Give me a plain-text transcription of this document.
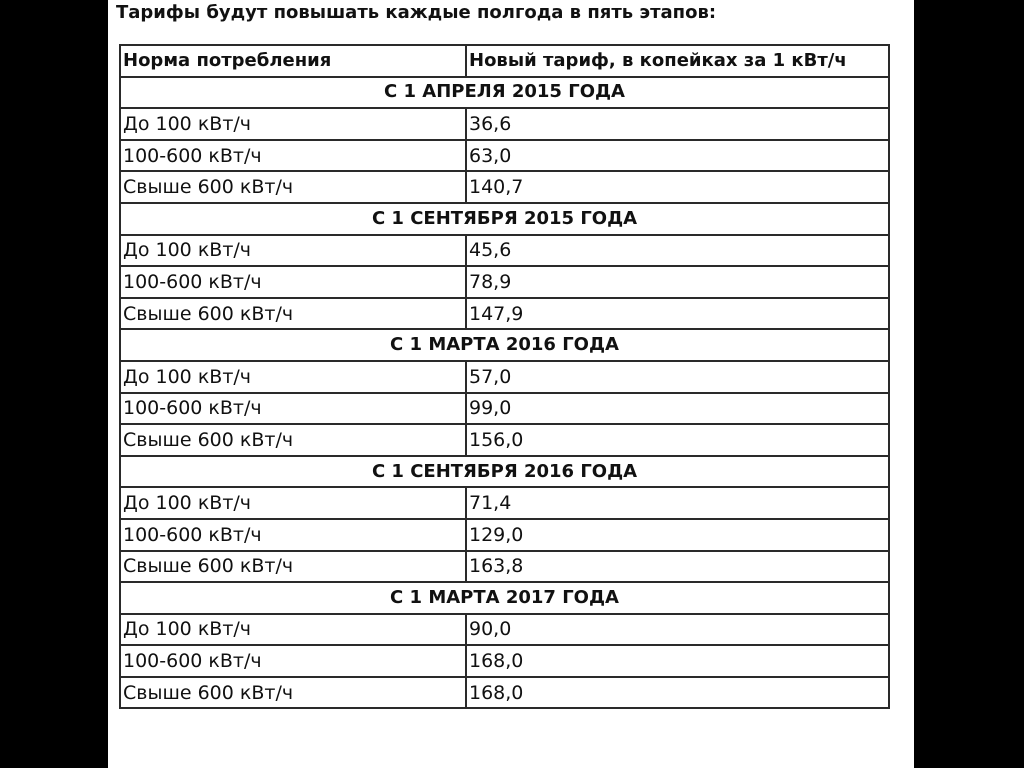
Тарифы будут повышать каждые полгода в пять этапов:
Норма потребления	Новый тариф, в копейках за 1 кВт/ч
С 1 АПРЕЛЯ 2015 ГОДА	
До 100 кВт/ч	36,6
100-600 кВт/ч	63,0
Свыше 600 кВт/ч	140,7
С 1 СЕНТЯБРЯ 2015 ГОДА	
До 100 кВт/ч	45,6
100-600 кВт/ч	78,9
Свыше 600 кВт/ч	147,9
С 1 МАРТА 2016 ГОДА	
До 100 кВт/ч	57,0
100-600 кВт/ч	99,0
Свыше 600 кВт/ч	156,0
С 1 СЕНТЯБРЯ 2016 ГОДА	
До 100 кВт/ч	71,4
100-600 кВт/ч	129,0
Свыше 600 кВт/ч	163,8
С 1 МАРТА 2017 ГОДА	
До 100 кВт/ч	90,0
100-600 кВт/ч	168,0
Свыше 600 кВт/ч	168,0
